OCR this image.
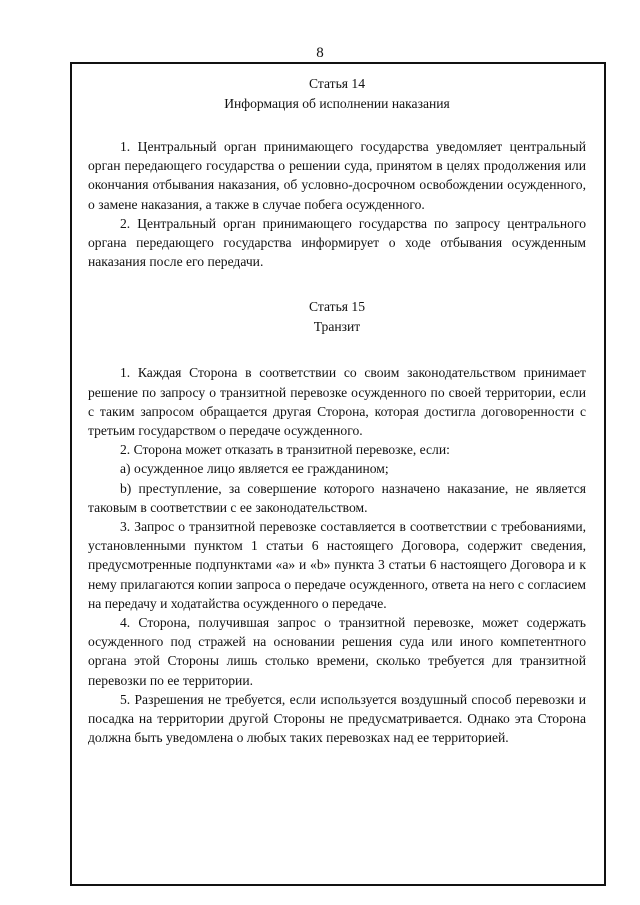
8

Статья 14

Информация об исполнении наказания

1. Центральный орган принимающего государства уведомляет центральный орган передающего государства о решении суда, принятом в целях продолжения или окончания отбывания наказания, об условно-досрочном освобождении осужденного, о замене наказания, а также в случае побега осужденного.

2. Центральный орган принимающего государства по запросу центрального органа передающего государства информирует о ходе отбывания осужденным наказания после его передачи.

Статья 15

Транзит

1. Каждая Сторона в соответствии со своим законодательством принимает решение по запросу о транзитной перевозке осужденного по своей территории, если с таким запросом обращается другая Сторона, которая достигла договоренности с третьим государством о передаче осужденного.

2. Сторона может отказать в транзитной перевозке, если:

a) осужденное лицо является ее гражданином;

b) преступление, за совершение которого назначено наказание, не является таковым в соответствии с ее законодательством.

3. Запрос о транзитной перевозке составляется в соответствии с требованиями, установленными пунктом 1 статьи 6 настоящего Договора, содержит сведения, предусмотренные подпунктами «a» и «b» пункта 3 статьи 6 настоящего Договора и к нему прилагаются копии запроса о передаче осужденного, ответа на него с согласием на передачу и ходатайства осужденного о передаче.

4. Сторона, получившая запрос о транзитной перевозке, может содержать осужденного под стражей на основании решения суда или иного компетентного органа этой Стороны лишь столько времени, сколько требуется для транзитной перевозки по ее территории.

5. Разрешения не требуется, если используется воздушный способ перевозки и посадка на территории другой Стороны не предусматривается. Однако эта Сторона должна быть уведомлена о любых таких перевозках над ее территорией.
